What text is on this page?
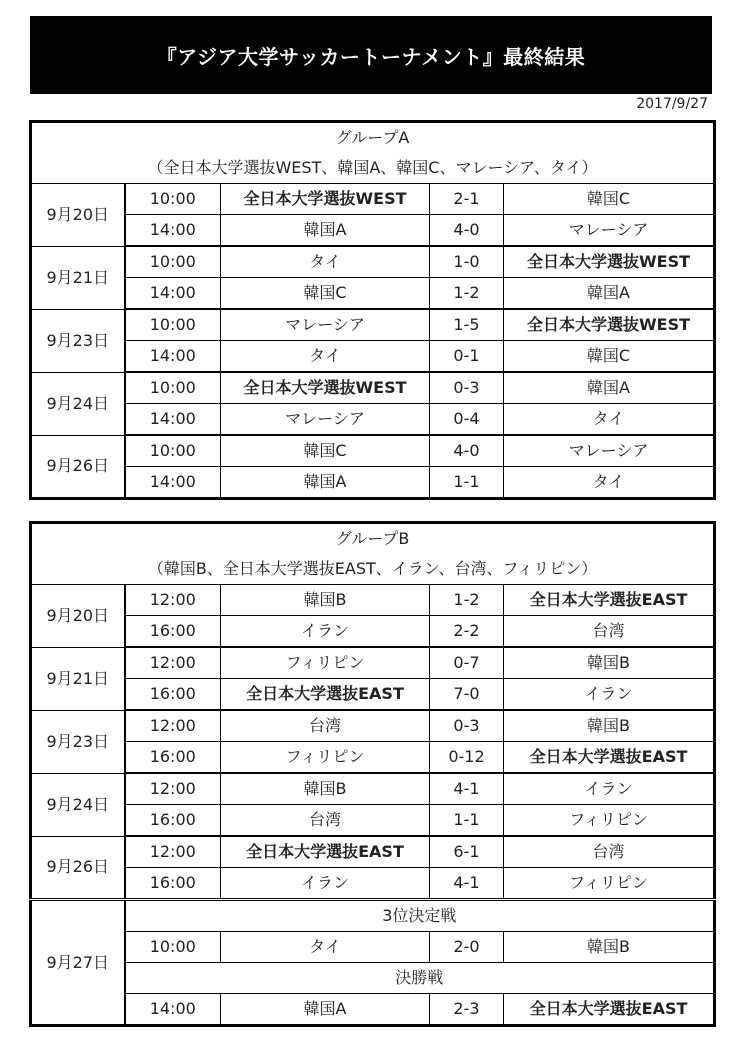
『アジア大学サッカートーナメント』最終結果
2017/9/27
グループA				
（全日本大学選抜WEST、韓国A、韓国C、マレーシア、タイ）				
9月20日	10:00	全日本大学選抜WEST	2-1	韓国C
	14:00	韓国A	4-0	マレーシア
9月21日	10:00	タイ	1-0	全日本大学選抜WEST
	14:00	韓国C	1-2	韓国A
9月23日	10:00	マレーシア	1-5	全日本大学選抜WEST
	14:00	タイ	0-1	韓国C
9月24日	10:00	全日本大学選抜WEST	0-3	韓国A
	14:00	マレーシア	0-4	タイ
9月26日	10:00	韓国C	4-0	マレーシア
	14:00	韓国A	1-1	タイ
グループB				
（韓国B、全日本大学選抜EAST、イラン、台湾、フィリピン）				
9月20日	12:00	韓国B	1-2	全日本大学選抜EAST
	16:00	イラン	2-2	台湾
9月21日	12:00	フィリピン	0-7	韓国B
	16:00	全日本大学選抜EAST	7-0	イラン
9月23日	12:00	台湾	0-3	韓国B
	16:00	フィリピン	0-12	全日本大学選抜EAST
9月24日	12:00	韓国B	4-1	イラン
	16:00	台湾	1-1	フィリピン
9月26日	12:00	全日本大学選抜EAST	6-1	台湾
	16:00	イラン	4-1	フィリピン
9月27日	3位決定戦			
	10:00	タイ	2-0	韓国B
	決勝戦			
	14:00	韓国A	2-3	全日本大学選抜EAST
